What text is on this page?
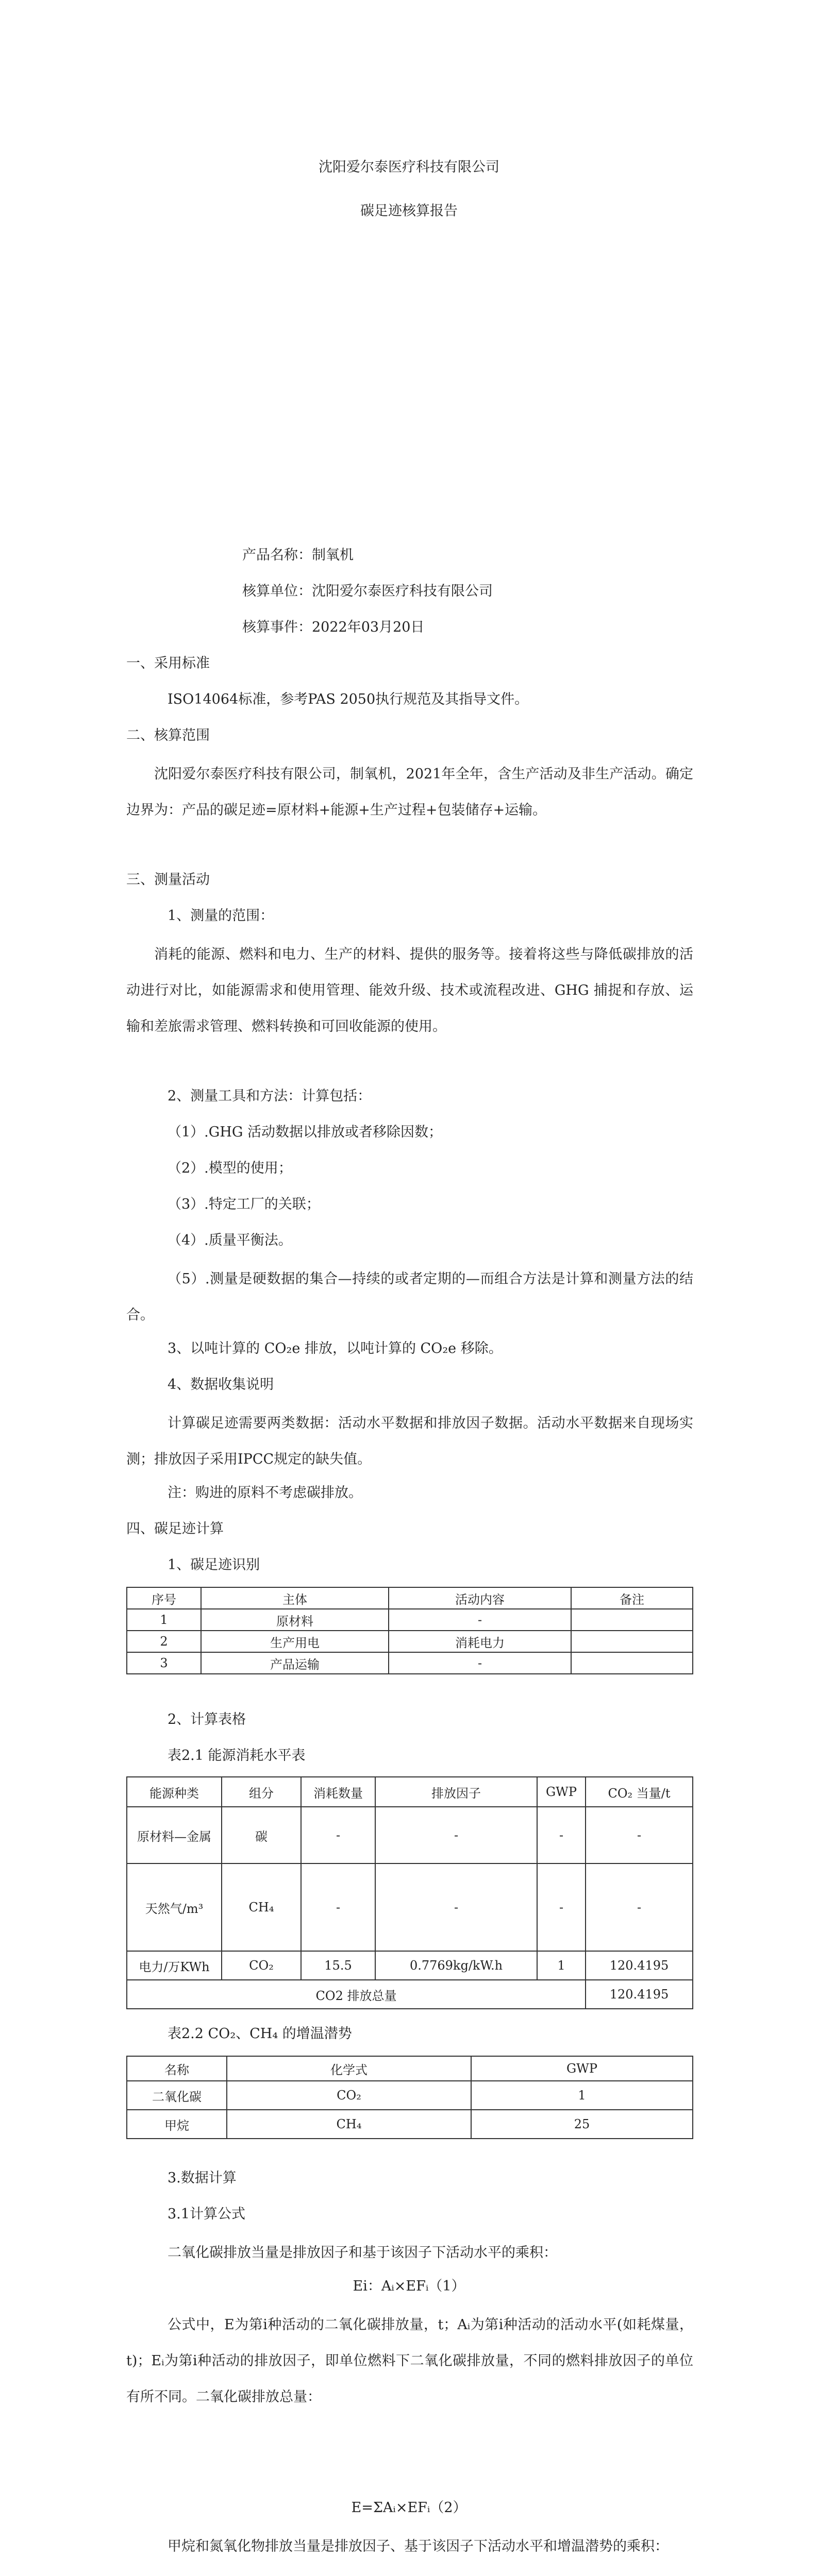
沈阳爱尔泰医疗科技有限公司

碳足迹核算报告

产品名称：制氧机

核算单位：沈阳爱尔泰医疗科技有限公司

核算事件：2022年03月20日

一、采用标准

ISO14064标准，参考PAS 2050执行规范及其指导文件。

二、核算范围

沈阳爱尔泰医疗科技有限公司，制氧机，2021年全年，含生产活动及非生产活动。确定边界为：产品的碳足迹=原材料+能源+生产过程+包装储存+运输。

三、测量活动

1、测量的范围：

消耗的能源、燃料和电力、生产的材料、提供的服务等。接着将这些与降低碳排放的活动进行对比，如能源需求和使用管理、能效升级、技术或流程改进、GHG 捕捉和存放、运输和差旅需求管理、燃料转换和可回收能源的使用。

2、测量工具和方法：计算包括：

（1）.GHG 活动数据以排放或者移除因数；

（2）.模型的使用；

（3）.特定工厂的关联；

（4）.质量平衡法。

（5）.测量是硬数据的集合—持续的或者定期的—而组合方法是计算和测量方法的结合。

3、以吨计算的 CO₂e 排放，以吨计算的 CO₂e 移除。

4、数据收集说明

计算碳足迹需要两类数据：活动水平数据和排放因子数据。活动水平数据来自现场实测；排放因子采用IPCC规定的缺失值。

注：购进的原料不考虑碳排放。

四、碳足迹计算

1、碳足迹识别

序号	主体	活动内容	备注
1	原材料	-	
2	生产用电	消耗电力	
3	产品运输	-	

2、计算表格

表2.1 能源消耗水平表

能源种类	组分	消耗数量	排放因子	GWP	CO₂ 当量/t
原材料—金属	碳	-	-	-	-
天然气/m³	CH₄	-	-	-	-
电力/万KWh	CO₂	15.5	0.7769kg/kW.h	1	120.4195
CO2 排放总量					120.4195

表2.2 CO₂、CH₄ 的增温潜势

名称	化学式	GWP
二氧化碳	CO₂	1
甲烷	CH₄	25

3.数据计算

3.1计算公式

二氧化碳排放当量是排放因子和基于该因子下活动水平的乘积：

Ei：Aᵢ×EFᵢ（1）

公式中，E为第i种活动的二氧化碳排放量，t；Aᵢ为第i种活动的活动水平(如耗煤量，t)；Eᵢ为第i种活动的排放因子，即单位燃料下二氧化碳排放量，不同的燃料排放因子的单位有所不同。二氧化碳排放总量：

E=ΣAᵢ×EFᵢ（2）

甲烷和氮氧化物排放当量是排放因子、基于该因子下活动水平和增温潜势的乘积：
